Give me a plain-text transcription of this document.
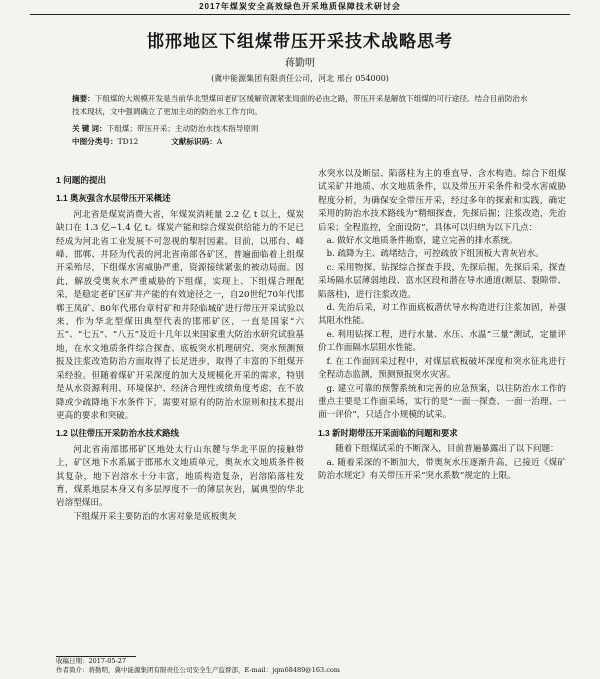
2017年煤炭安全高效绿色开采地质保障技术研讨会
邯邢地区下组煤带压开采技术战略思考
蒋勤明
(冀中能源集团有限责任公司，河北 邢台 054000)

摘要：下组煤的大规模开发是当前华北型煤田老矿区缓解资源紧张局面的必由之路，带压开采是解放下组煤的可行途径。结合目前防治水技术现状，文中强调确立了更加主动的防治水工作方向。

关 键 词：下组煤；带压开采；主动防治水技术指导原则
中图分类号：TD12	文献标识码：A
1 问题的提出
1.1 奥灰强含水层带压开采概述

河北省是煤炭消费大省，年煤炭消耗量 2.2 亿 t 以上，煤炭缺口在 1.3 亿~1.4 亿 t。煤炭产能和综合煤炭供给能力的不足已经成为河北省工业发展不可忽视的掣肘因素。目前，以邢台、峰峰、邯郸、井陉为代表的河北省南部各矿区，普遍面临着上组煤开采殆尽，下组煤水害威胁严重，资源接续紧张的被动局面。因此，解放受奥灰水严重威胁的下组煤，实现上、下组煤合理配采，是稳定老矿区矿井产能的有效途径之一，自20世纪70年代邯郸王凤矿、80年代邢台章村矿和井陉临城矿进行带压开采试验以来，作为华北型煤田典型代表的邯邢矿区，一直是国家“六五”、“七五”、“八五”及近十几年以来国家重大防治水研究试验基地，在水文地质条件综合探查、底板突水机理研究、突水预测预报及注浆改造防治方面取得了长足进步，取得了丰富的下组煤开采经验。但随着煤矿开采深度的加大及规模化开采的需求，特别是从水资源利用、环境保护、经济合理性或绩角度考虑，在不放降或少疏降地下水条件下，需要对原有的防治水原则和技术提出更高的要求和突破。

1.2 以往带压开采防治水技术路线

河北省南部邯邢矿区地处太行山东麓与华北平原的接触带上，矿区地下水系属于邯邢水文地质单元，奥灰水文地质条件极其复杂，地下岩溶水十分丰富，地质构造复杂，岩溶陷落柱发育，煤系地层本身又有多层厚度不一的薄层灰岩，属典型的华北岩溶型煤田。

下组煤开采主要防治的水害对象是底板奥灰

水突水以及断层、陷落柱为主的垂直导、含水构造。综合下组煤试采矿井地质、水文地质条件，以及带压开采条件和受水害威胁程度分析，为确保安全带压开采，经过多年的探索和实践，确定采用的防治水技术路线为“精细探查，先探后掘；注浆改造，先治后采；全程监控，全面设防”，具体可以归纳为以下几点：

a. 做好水文地质条件勘察，建立完善的排水系统。

b. 疏降为主、疏堵结合，可控疏放下组顶板大青灰岩水。

c. 采用物探、钻探综合探查手段，先探后掘，先探后采，探查采场隔水层薄弱地段、富水区段和潜在导水通道(断层、裂隙带、陷落柱)，进行注浆改造。

d. 先治后采，对工作面底板潜伏导水构造进行注浆加固，补强其阻水性能。

e. 利用钻探工程，进行水量、水压、水温“三量”测试，定量评价工作面隔水层阻水性能。

f. 在工作面回采过程中，对煤层底板破坏深度和突水征兆进行全程动态监测，预测预报突水灾害。

g. 建立可靠的预警系统和完善的应急预案，以往防治水工作的重点主要是工作面采场，实行的是“一面一探查、一面一治理、一面一评价”，只适合小规模的试采。

1.3 新时期带压开采面临的问题和要求

随着下组煤试采的不断深入，目前普遍暴露出了以下问题：

a. 随着采深的不断加大，带奥灰水压逐渐升高，已接近《煤矿防治水规定》有关带压开采“突水系数”规定的上限。

收稿日期：2017-05-27
作者简介：蒋勤明，冀中能源集团有限责任公司安全生产监督部，E-mail：jqm68489@163.com
